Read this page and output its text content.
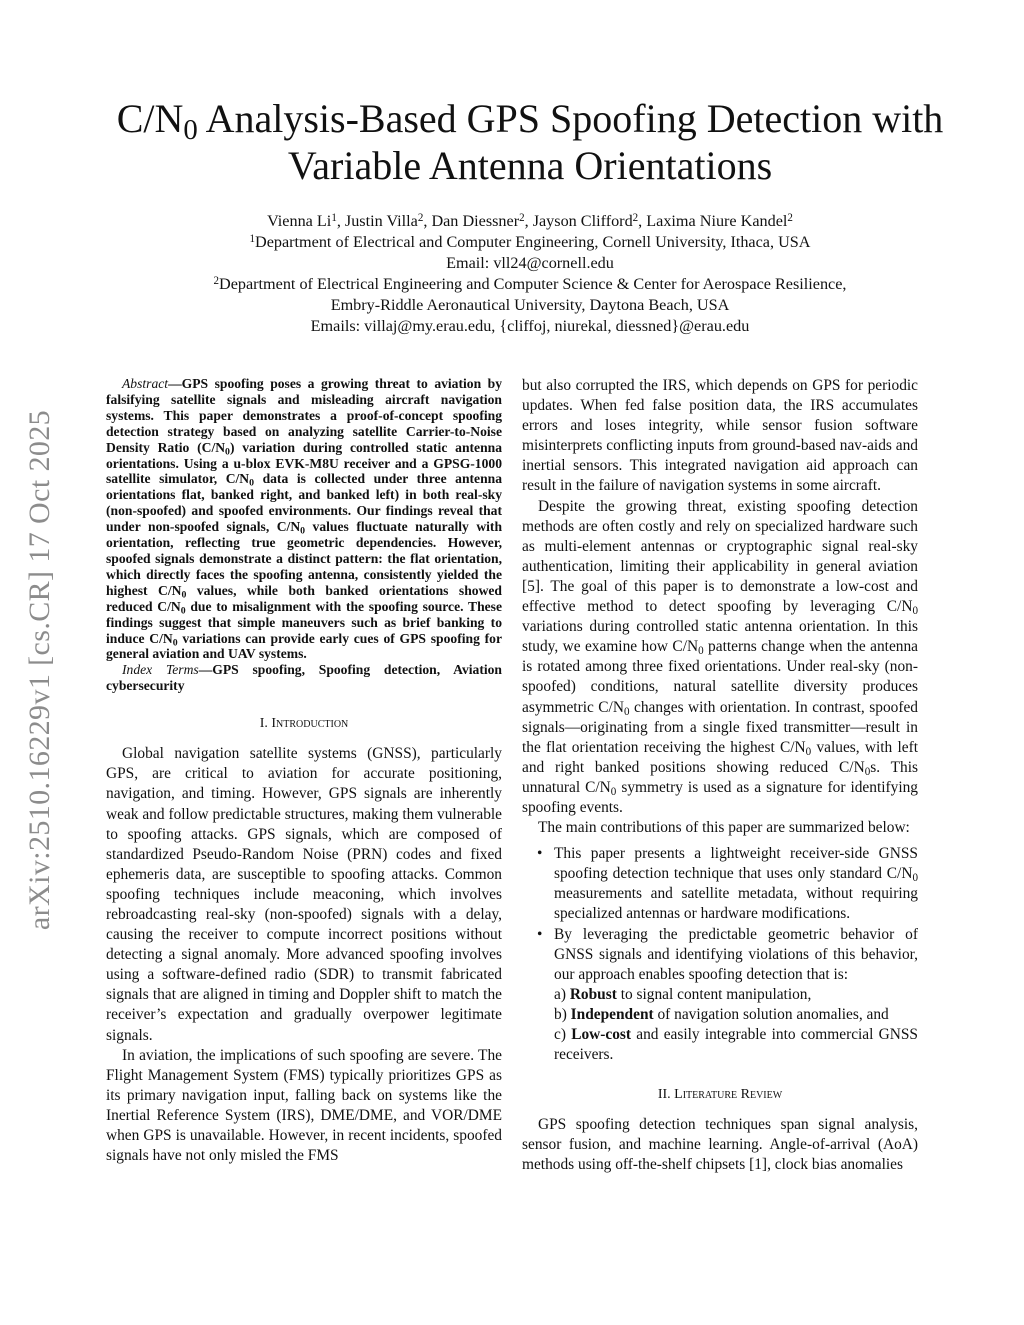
arXiv:2510.16229v1 [cs.CR] 17 Oct 2025
$C/N_0$ Analysis-Based GPS Spoofing Detection with
Variable Antenna Orientations
Vienna Li$^1$, Justin Villa$^2$, Dan Diessner$^2$, Jayson Clifford$^2$, Laxima Niure Kandel$^2$
$^1$Department of Electrical and Computer Engineering, Cornell University, Ithaca, USA
Email: vll24@cornell.edu
$^2$Department of Electrical Engineering and Computer Science & Center for Aerospace Resilience,
Embry-Riddle Aeronautical University, Daytona Beach, USA
Emails: villaj@my.erau.edu, {cliffoj, niurekal, diessned}@erau.edu

Abstract—GPS spoofing poses a growing threat to aviation by falsifying satellite signals and misleading aircraft navigation systems. This paper demonstrates a proof-of-concept spoofing detection strategy based on analyzing satellite Carrier-to-Noise Density Ratio $(C/N_0)$ variation during controlled static antenna orientations. Using a u-blox EVK-M8U receiver and a GPSG-1000 satellite simulator, $C/N_0$ data is collected under three antenna orientations flat, banked right, and banked left) in both real-sky (non-spoofed) and spoofed environments. Our findings reveal that under non-spoofed signals, $C/N_0$ values fluctuate naturally with orientation, reflecting true geometric dependencies. However, spoofed signals demonstrate a distinct pattern: the flat orientation, which directly faces the spoofing antenna, consistently yielded the highest $C/N_0$ values, while both banked orientations showed reduced $C/N_0$ due to misalignment with the spoofing source. These findings suggest that simple maneuvers such as brief banking to induce $C/N_0$ variations can provide early cues of GPS spoofing for general aviation and UAV systems.

Index Terms—GPS spoofing, Spoofing detection, Aviation cybersecurity

I. Introduction

Global navigation satellite systems (GNSS), particularly GPS, are critical to aviation for accurate positioning, navigation, and timing. However, GPS signals are inherently weak and follow predictable structures, making them vulnerable to spoofing attacks. GPS signals, which are composed of standardized Pseudo-Random Noise (PRN) codes and fixed ephemeris data, are susceptible to spoofing attacks. Common spoofing techniques include meaconing, which involves rebroadcasting real-sky (non-spoofed) signals with a delay, causing the receiver to compute incorrect positions without detecting a signal anomaly. More advanced spoofing involves using a software-defined radio (SDR) to transmit fabricated signals that are aligned in timing and Doppler shift to match the receiver’s expectation and gradually overpower legitimate signals.

In aviation, the implications of such spoofing are severe. The Flight Management System (FMS) typically prioritizes GPS as its primary navigation input, falling back on systems like the Inertial Reference System (IRS), DME/DME, and VOR/DME when GPS is unavailable. However, in recent incidents, spoofed signals have not only misled the FMS

but also corrupted the IRS, which depends on GPS for periodic updates. When fed false position data, the IRS accumulates errors and loses integrity, while sensor fusion software misinterprets conflicting inputs from ground-based nav-aids and inertial sensors. This integrated navigation aid approach can result in the failure of navigation systems in some aircraft.

Despite the growing threat, existing spoofing detection methods are often costly and rely on specialized hardware such as multi-element antennas or cryptographic signal real-sky authentication, limiting their applicability in general aviation [5]. The goal of this paper is to demonstrate a low-cost and effective method to detect spoofing by leveraging $C/N_0$ variations during controlled static antenna orientation. In this study, we examine how $C/N_0$ patterns change when the antenna is rotated among three fixed orientations. Under real-sky (non-spoofed) conditions, natural satellite diversity produces asymmetric $C/N_0$ changes with orientation. In contrast, spoofed signals—originating from a single fixed transmitter—result in the flat orientation receiving the highest $C/N_0$ values, with left and right banked positions showing reduced $C/N_0s$. This unnatural $C/N_0$ symmetry is used as a signature for identifying spoofing events.

The main contributions of this paper are summarized below:

• This paper presents a lightweight receiver-side GNSS spoofing detection technique that uses only standard $C/N_0$ measurements and satellite metadata, without requiring specialized antennas or hardware modifications.

• By leveraging the predictable geometric behavior of GNSS signals and identifying violations of this behavior, our approach enables spoofing detection that is:

a) Robust to signal content manipulation,

b) Independent of navigation solution anomalies, and

c) Low-cost and easily integrable into commercial GNSS receivers.

II. Literature Review

GPS spoofing detection techniques span signal analysis, sensor fusion, and machine learning. Angle-of-arrival (AoA) methods using off-the-shelf chipsets [1], clock bias anomalies
